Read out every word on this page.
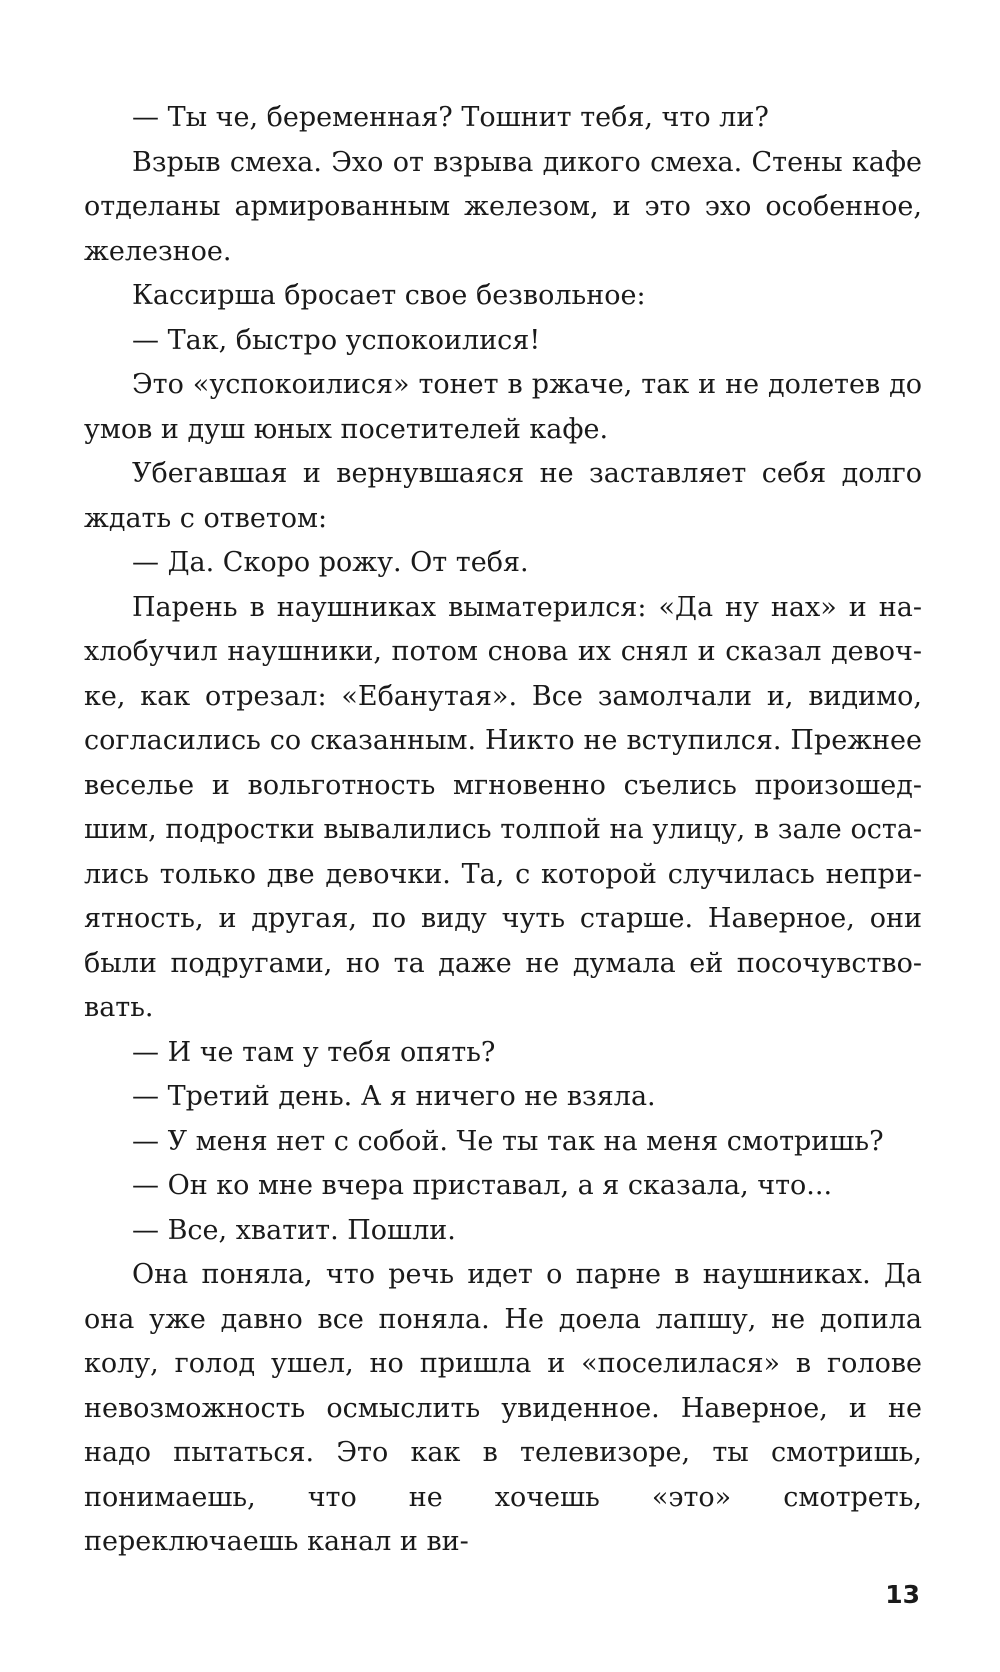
— Ты че, беременная? Тошнит тебя, что ли?

Взрыв смеха. Эхо от взрыва дикого смеха. Стены кафе отделаны армированным железом, и это эхо особенное, железное.

Кассирша бросает свое безвольное:

— Так, быстро успокоилися!

Это «успокоилися» тонет в ржаче, так и не долетев до умов и душ юных посетителей кафе.

Убегавшая и вернувшаяся не заставляет себя долго ждать с ответом:

— Да. Скоро рожу. От тебя.

Парень в наушниках выматерился: «Да ну нах» и нахлобучил наушники, потом снова их снял и сказал девочке, как отрезал: «Ебанутая». Все замолчали и, видимо, согласились со сказанным. Никто не вступился. Прежнее веселье и вольготность мгновенно съелись произошедшим, подростки вывалились толпой на улицу, в зале остались только две девочки. Та, с которой случилась неприятность, и другая, по виду чуть старше. Наверное, они были подругами, но та даже не думала ей посочувствовать.

— И че там у тебя опять?

— Третий день. А я ничего не взяла.

— У меня нет с собой. Че ты так на меня смотришь?

— Он ко мне вчера приставал, а я сказала, что...

— Все, хватит. Пошли.

Она поняла, что речь идет о парне в наушниках. Да она уже давно все поняла. Не доела лапшу, не допила колу, голод ушел, но пришла и «поселилася» в голове невозможность осмыслить увиденное. Наверное, и не надо пытаться. Это как в телевизоре, ты смотришь, понимаешь, что не хочешь «это» смотреть, переключаешь канал и ви-

13
